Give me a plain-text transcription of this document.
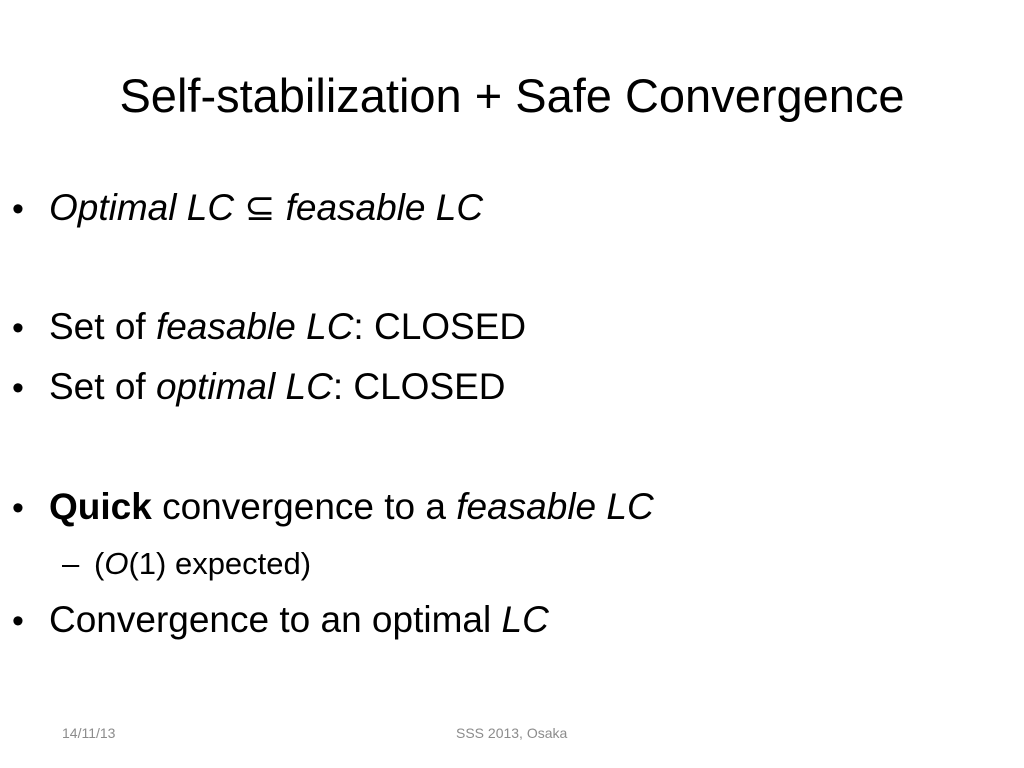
Self-stabilization + Safe Convergence
• Optimal LC ⊆ feasable LC
• Set of feasable LC: CLOSED
• Set of optimal LC: CLOSED
• Quick convergence to a feasable LC
– (O(1) expected)
• Convergence to an optimal LC
14/11/13	SSS 2013, Osaka
